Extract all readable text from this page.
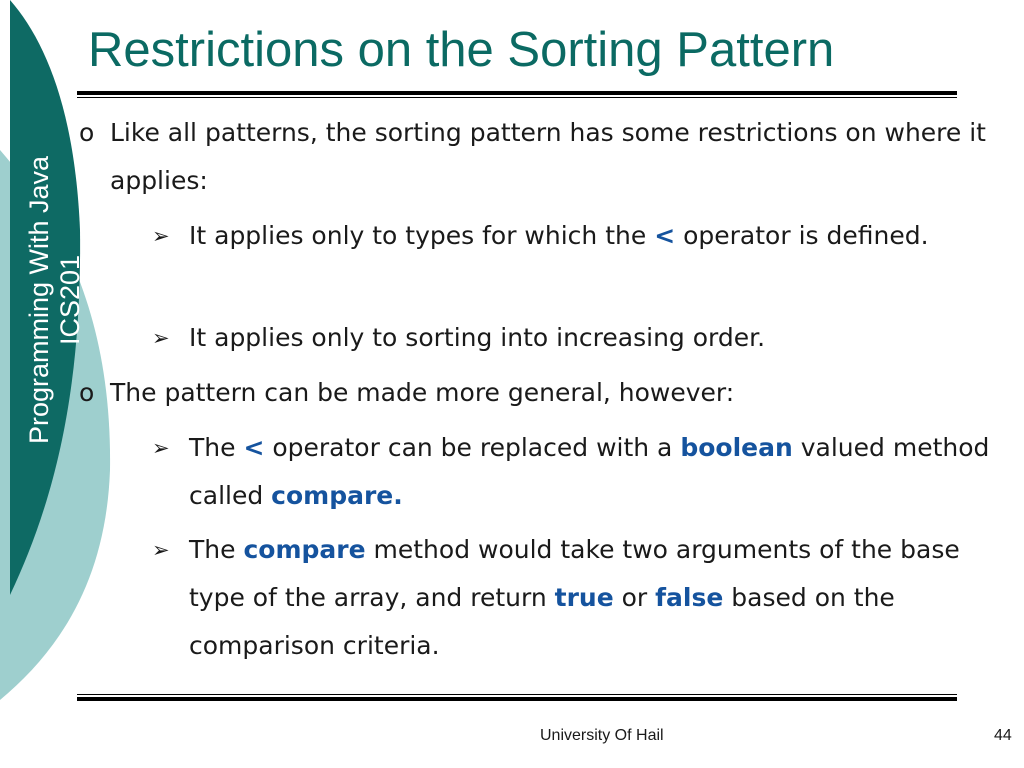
Programming With Java ICS201
Restrictions on the Sorting Pattern
o Like all patterns, the sorting pattern has some restrictions on where it applies:
➢ It applies only to types for which the < operator is defined.
➢ It applies only to sorting into increasing order.
o The pattern can be made more general, however:
➢ The < operator can be replaced with a boolean valued method called compare.
➢ The compare method would take two arguments of the base type of the array, and return true or false based on the comparison criteria.
University Of Hail	44
